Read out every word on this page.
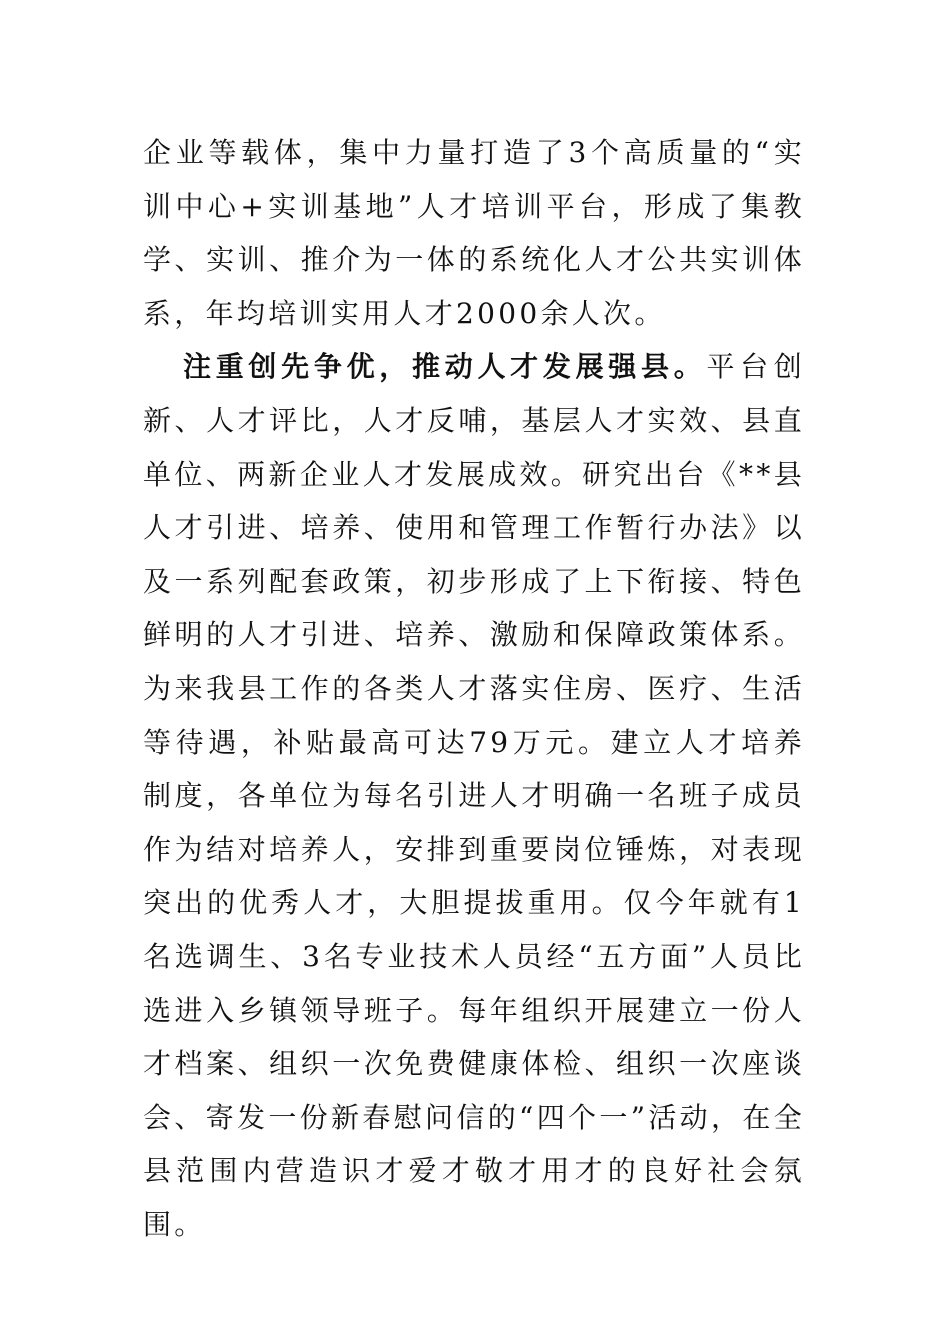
企业等载体，集中力量打造了3个高质量的“实训中心+实训基地”人才培训平台，形成了集教学、实训、推介为一体的系统化人才公共实训体系，年均培训实用人才2000余人次。

注重创先争优，推动人才发展强县。平台创新、人才评比，人才反哺，基层人才实效、县直单位、两新企业人才发展成效。研究出台《**县人才引进、培养、使用和管理工作暂行办法》以及一系列配套政策，初步形成了上下衔接、特色鲜明的人才引进、培养、激励和保障政策体系。为来我县工作的各类人才落实住房、医疗、生活等待遇，补贴最高可达79万元。建立人才培养制度，各单位为每名引进人才明确一名班子成员作为结对培养人，安排到重要岗位锤炼，对表现突出的优秀人才，大胆提拔重用。仅今年就有1名选调生、3名专业技术人员经“五方面”人员比选进入乡镇领导班子。每年组织开展建立一份人才档案、组织一次免费健康体检、组织一次座谈会、寄发一份新春慰问信的“四个一”活动，在全县范围内营造识才爱才敬才用才的良好社会氛围。
